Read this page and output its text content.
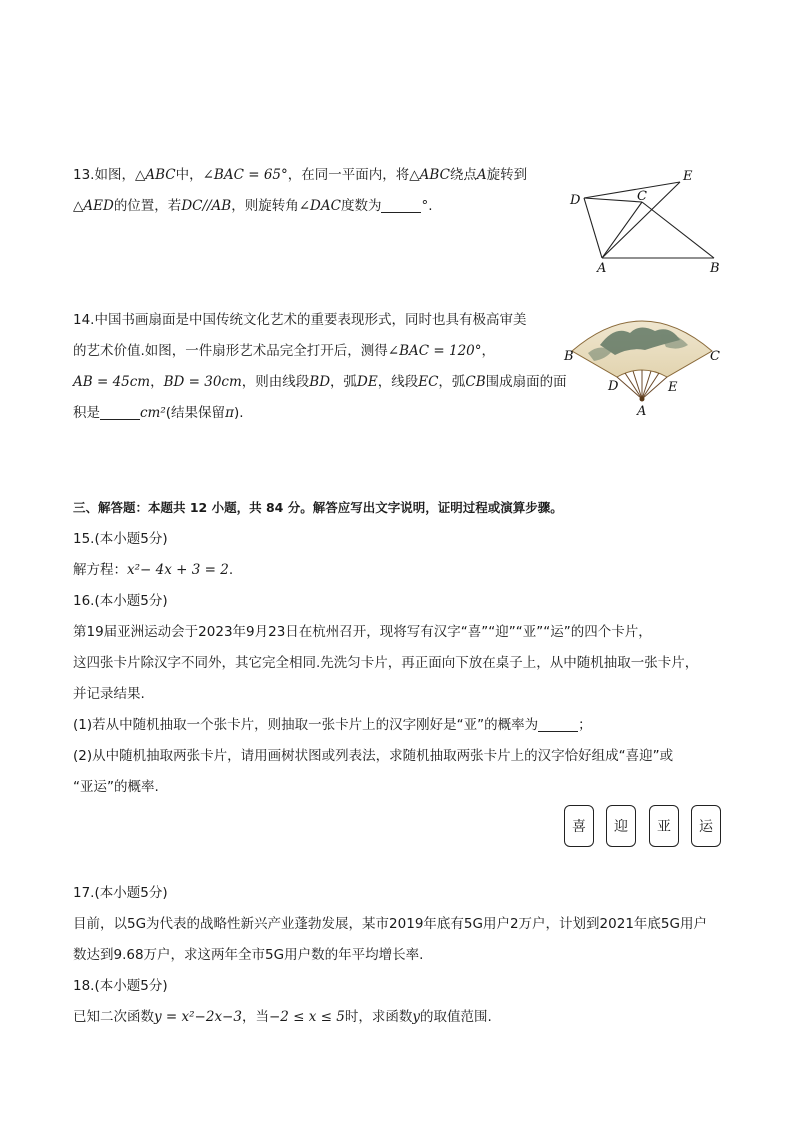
13.如图，△ABC中，∠BAC = 65°，在同一平面内，将△ABC绕点A旋转到
△AED的位置，若DC//AB，则旋转角∠DAC度数为	°.
E
D	C
A	B
14.中国书画扇面是中国传统文化艺术的重要表现形式，同时也具有极高审美
的艺术价值.如图，一件扇形艺术品完全打开后，测得∠BAC = 120°，
AB = 45cm，BD = 30cm，则由线段BD，弧DE，线段EC，弧CB围成扇面的面
积是	cm²(结果保留π).
B	C
D	E
A
三、解答题：本题共 12 小题，共 84 分。解答应写出文字说明，证明过程或演算步骤。
15.(本小题5分)
解方程：x²− 4x + 3 = 2.
16.(本小题5分)
第19届亚洲运动会于2023年9月23日在杭州召开，现将写有汉字“喜”“迎”“亚”“运”的四个卡片，
这四张卡片除汉字不同外，其它完全相同.先洗匀卡片，再正面向下放在桌子上，从中随机抽取一张卡片，
并记录结果.
(1)若从中随机抽取一个张卡片，则抽取一张卡片上的汉字刚好是“亚”的概率为	；
(2)从中随机抽取两张卡片，请用画树状图或列表法，求随机抽取两张卡片上的汉字恰好组成“喜迎”或
“亚运”的概率.
喜	迎	亚	运
17.(本小题5分)
目前，以5G为代表的战略性新兴产业蓬勃发展，某市2019年底有5G用户2万户，计划到2021年底5G用户
数达到9.68万户，求这两年全市5G用户数的年平均增长率.
18.(本小题5分)
已知二次函数y = x²−2x−3，当−2 ≤ x ≤ 5时，求函数y的取值范围.
